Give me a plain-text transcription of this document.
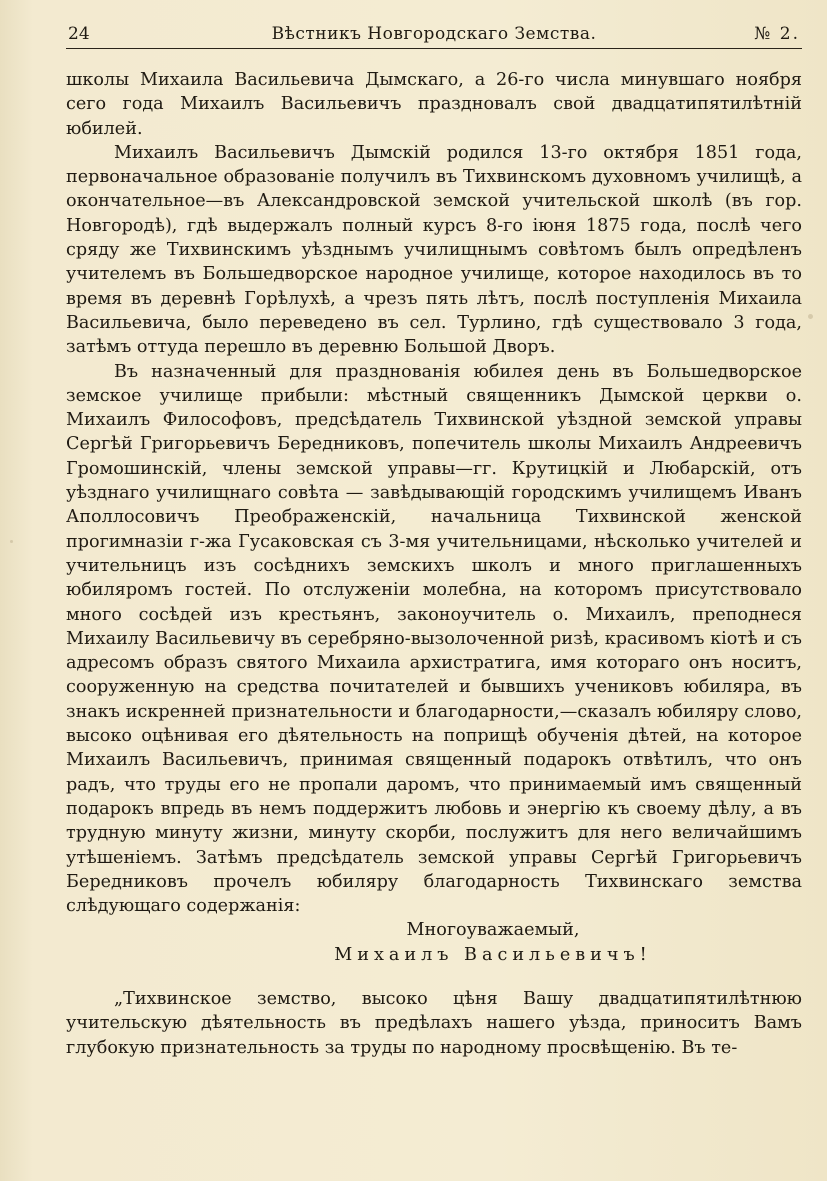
24	Вѣстникъ Новгородскаго Земства.	№ 2.

школы Михаила Васильевича Дымскаго, а 26-го числа минувшаго ноября сего года Михаилъ Васильевичъ праздновалъ свой двадцатипятилѣтній юбилей.

Михаилъ Васильевичъ Дымскій родился 13-го октября 1851 года, первоначальное образованіе получилъ въ Тихвинскомъ духовномъ училищѣ, а окончательное—въ Александровской земской учительской школѣ (въ гор. Новгородѣ), гдѣ выдержалъ полный курсъ 8-го іюня 1875 года, послѣ чего сряду же Тихвинскимъ уѣзднымъ училищнымъ совѣтомъ былъ опредѣленъ учителемъ въ Большедворское народное училище, которое находилось въ то время въ деревнѣ Горѣлухѣ, а чрезъ пять лѣтъ, послѣ поступленія Михаила Васильевича, было переведено въ сел. Турлино, гдѣ существовало 3 года, затѣмъ оттуда перешло въ деревню Большой Дворъ.

Въ назначенный для празднованія юбилея день въ Большедворское земское училище прибыли: мѣстный священникъ Дымской церкви о. Михаилъ Философовъ, предсѣдатель Тихвинской уѣздной земской управы Сергѣй Григорьевичъ Бередниковъ, попечитель школы Михаилъ Андреевичъ Громошинскій, члены земской управы—гг. Крутицкій и Любарскій, отъ уѣзднаго училищнаго совѣта — завѣдывающій городскимъ училищемъ Иванъ Аполлосовичъ Преображенскій, начальница Тихвинской женской прогимназіи г-жа Гусаковская съ 3-мя учительницами, нѣсколько учителей и учительницъ изъ сосѣднихъ земскихъ школъ и много приглашенныхъ юбиляромъ гостей. По отслуженіи молебна, на которомъ присутствовало много сосѣдей изъ крестьянъ, законоучитель о. Михаилъ, преподнеся Михаилу Васильевичу въ серебряно-вызолоченной ризѣ, красивомъ кіотѣ и съ адресомъ образъ святого Михаила архистратига, имя котораго онъ носитъ, сооруженную на средства почитателей и бывшихъ учениковъ юбиляра, въ знакъ искренней признательности и благодарности,—сказалъ юбиляру слово, высоко оцѣнивая его дѣятельность на поприщѣ обученія дѣтей, на которое Михаилъ Васильевичъ, принимая священный подарокъ отвѣтилъ, что онъ радъ, что труды его не пропали даромъ, что принимаемый имъ священный подарокъ впредь въ немъ поддержитъ любовь и энергію къ своему дѣлу, а въ трудную минуту жизни, минуту скорби, послужитъ для него величайшимъ утѣшеніемъ. Затѣмъ предсѣдатель земской управы Сергѣй Григорьевичъ Бередниковъ прочелъ юбиляру благодарность Тихвинскаго земства слѣдующаго содержанія:

Многоуважаемый,

Михаилъ Васильевичъ!

„Тихвинское земство, высоко цѣня Вашу двадцатипятилѣтнюю учительскую дѣятельность въ предѣлахъ нашего уѣзда, приноситъ Вамъ глубокую признательность за труды по народному просвѣщенію. Въ те-
